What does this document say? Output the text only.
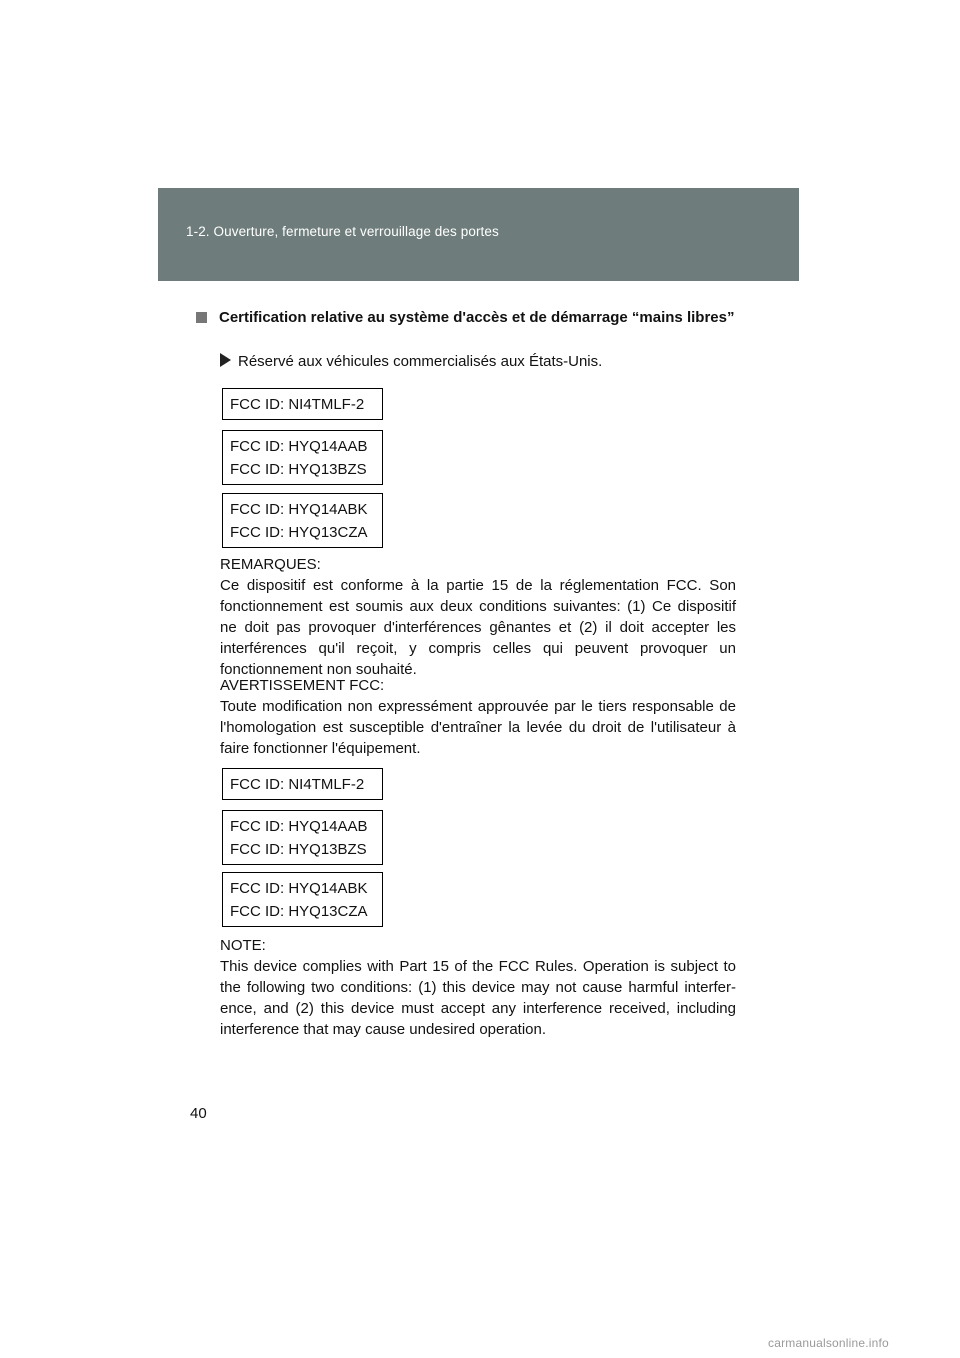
1-2. Ouverture, fermeture et verrouillage des portes
Certification relative au système d'accès et de démarrage “mains libres”
Réservé aux véhicules commercialisés aux États-Unis.
FCC ID: NI4TMLF-2
FCC ID: HYQ14AAB
FCC ID: HYQ13BZS
FCC ID: HYQ14ABK
FCC ID: HYQ13CZA
REMARQUES:
Ce dispositif est conforme à la partie 15 de la réglementation FCC. Son fonctionnement est soumis aux deux conditions suivantes: (1) Ce dispositif ne doit pas provoquer d'interférences gênantes et (2) il doit accepter les interférences qu'il reçoit, y compris celles qui peuvent provoquer un fonctionnement non souhaité.
AVERTISSEMENT FCC:
Toute modification non expressément approuvée par le tiers responsable de l'homologation est susceptible d'entraîner la levée du droit de l'utilisateur à faire fonctionner l'équipement.
FCC ID: NI4TMLF-2
FCC ID: HYQ14AAB
FCC ID: HYQ13BZS
FCC ID: HYQ14ABK
FCC ID: HYQ13CZA
NOTE:
This device complies with Part 15 of the FCC Rules. Operation is subject to the following two conditions: (1) this device may not cause harmful interfer- ence, and (2) this device must accept any interference received, including interference that may cause undesired operation.
40
carmanualsonline.info
